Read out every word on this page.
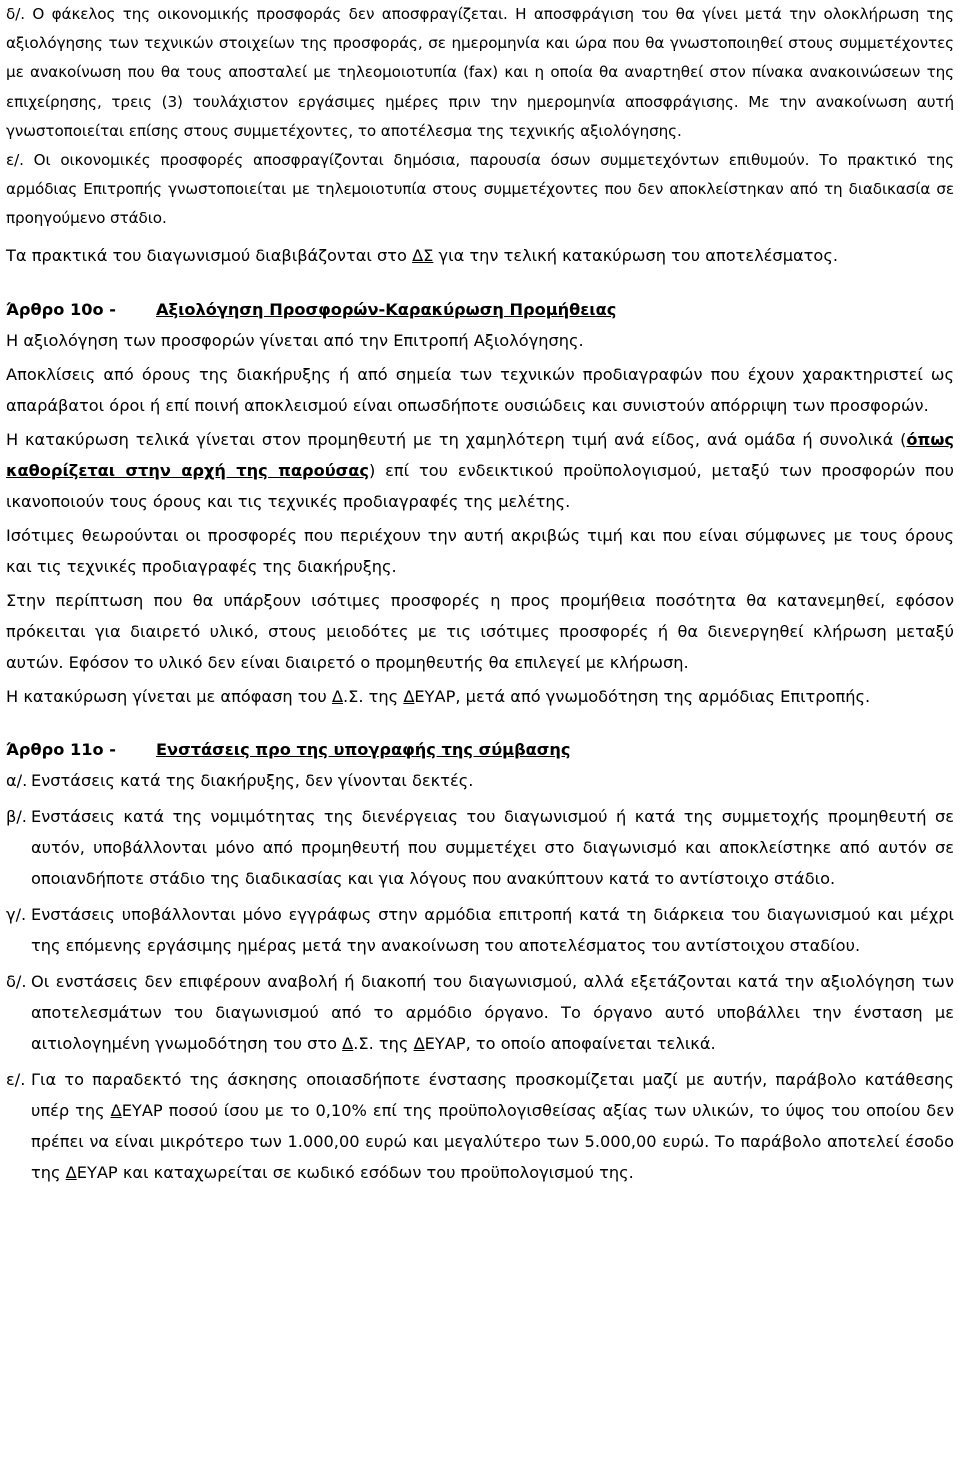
δ/. Ο φάκελος της οικονομικής προσφοράς δεν αποσφραγίζεται. Η αποσφράγιση του θα γίνει μετά την ολοκλήρωση της αξιολόγησης των τεχνικών στοιχείων της προσφοράς, σε ημερομηνία και ώρα που θα γνωστοποιηθεί στους συμμετέχοντες με ανακοίνωση που θα τους αποσταλεί με τηλεομοιοτυπία (fax) και η οποία θα αναρτηθεί στον πίνακα ανακοινώσεων της επιχείρησης, τρεις (3) τουλάχιστον εργάσιμες ημέρες πριν την ημερομηνία αποσφράγισης. Με την ανακοίνωση αυτή γνωστοποιείται επίσης στους συμμετέχοντες, το αποτέλεσμα της τεχνικής αξιολόγησης.

ε/. Οι οικονομικές προσφορές αποσφραγίζονται δημόσια, παρουσία όσων συμμετεχόντων επιθυμούν. Το πρακτικό της αρμόδιας Επιτροπής γνωστοποιείται με τηλεμοιοτυπία στους συμμετέχοντες που δεν αποκλείστηκαν από τη διαδικασία σε προηγούμενο στάδιο.

Τα πρακτικά του διαγωνισμού διαβιβάζονται στο ΔΣ για την τελική κατακύρωση του αποτελέσματος.

Άρθρο 10ο - Αξιολόγηση Προσφορών-Καρακύρωση Προμήθειας

Η αξιολόγηση των προσφορών γίνεται από την Επιτροπή Αξιολόγησης.

Αποκλίσεις από όρους της διακήρυξης ή από σημεία των τεχνικών προδιαγραφών που έχουν χαρακτηριστεί ως απαράβατοι όροι ή επί ποινή αποκλεισμού είναι οπωσδήποτε ουσιώδεις και συνιστούν απόρριψη των προσφορών.

Η κατακύρωση τελικά γίνεται στον προμηθευτή με τη χαμηλότερη τιμή ανά είδος, ανά ομάδα ή συνολικά (όπως καθορίζεται στην αρχή της παρούσας) επί του ενδεικτικού προϋπολογισμού, μεταξύ των προσφορών που ικανοποιούν τους όρους και τις τεχνικές προδιαγραφές της μελέτης.

Ισότιμες θεωρούνται οι προσφορές που περιέχουν την αυτή ακριβώς τιμή και που είναι σύμφωνες με τους όρους και τις τεχνικές προδιαγραφές της διακήρυξης.

Στην περίπτωση που θα υπάρξουν ισότιμες προσφορές η προς προμήθεια ποσότητα θα κατανεμηθεί, εφόσον πρόκειται για διαιρετό υλικό, στους μειοδότες με τις ισότιμες προσφορές ή θα διενεργηθεί κλήρωση μεταξύ αυτών. Εφόσον το υλικό δεν είναι διαιρετό ο προμηθευτής θα επιλεγεί με κλήρωση.

Η κατακύρωση γίνεται με απόφαση του Δ.Σ. της ΔΕΥΑΡ, μετά από γνωμοδότηση της αρμόδιας Επιτροπής.

Άρθρο 11ο - Ενστάσεις προ της υπογραφής της σύμβασης

α/. Ενστάσεις κατά της διακήρυξης, δεν γίνονται δεκτές.

β/. Ενστάσεις κατά της νομιμότητας της διενέργειας του διαγωνισμού ή κατά της συμμετοχής προμηθευτή σε αυτόν, υποβάλλονται μόνο από προμηθευτή που συμμετέχει στο διαγωνισμό και αποκλείστηκε από αυτόν σε οποιανδήποτε στάδιο της διαδικασίας και για λόγους που ανακύπτουν κατά το αντίστοιχο στάδιο.

γ/. Ενστάσεις υποβάλλονται μόνο εγγράφως στην αρμόδια επιτροπή κατά τη διάρκεια του διαγωνισμού και μέχρι της επόμενης εργάσιμης ημέρας μετά την ανακοίνωση του αποτελέσματος του αντίστοιχου σταδίου.

δ/. Οι ενστάσεις δεν επιφέρουν αναβολή ή διακοπή του διαγωνισμού, αλλά εξετάζονται κατά την αξιολόγηση των αποτελεσμάτων του διαγωνισμού από το αρμόδιο όργανο. Το όργανο αυτό υποβάλλει την ένσταση με αιτιολογημένη γνωμοδότηση του στο Δ.Σ. της ΔΕΥΑΡ, το οποίο αποφαίνεται τελικά.

ε/. Για το παραδεκτό της άσκησης οποιασδήποτε ένστασης προσκομίζεται μαζί με αυτήν, παράβολο κατάθεσης υπέρ της ΔΕΥΑΡ ποσού ίσου με το 0,10% επί της προϋπολογισθείσας αξίας των υλικών, το ύψος του οποίου δεν πρέπει να είναι μικρότερο των 1.000,00 ευρώ και μεγαλύτερο των 5.000,00 ευρώ. Το παράβολο αποτελεί έσοδο της ΔΕΥΑΡ και καταχωρείται σε κωδικό εσόδων του προϋπολογισμού της.
